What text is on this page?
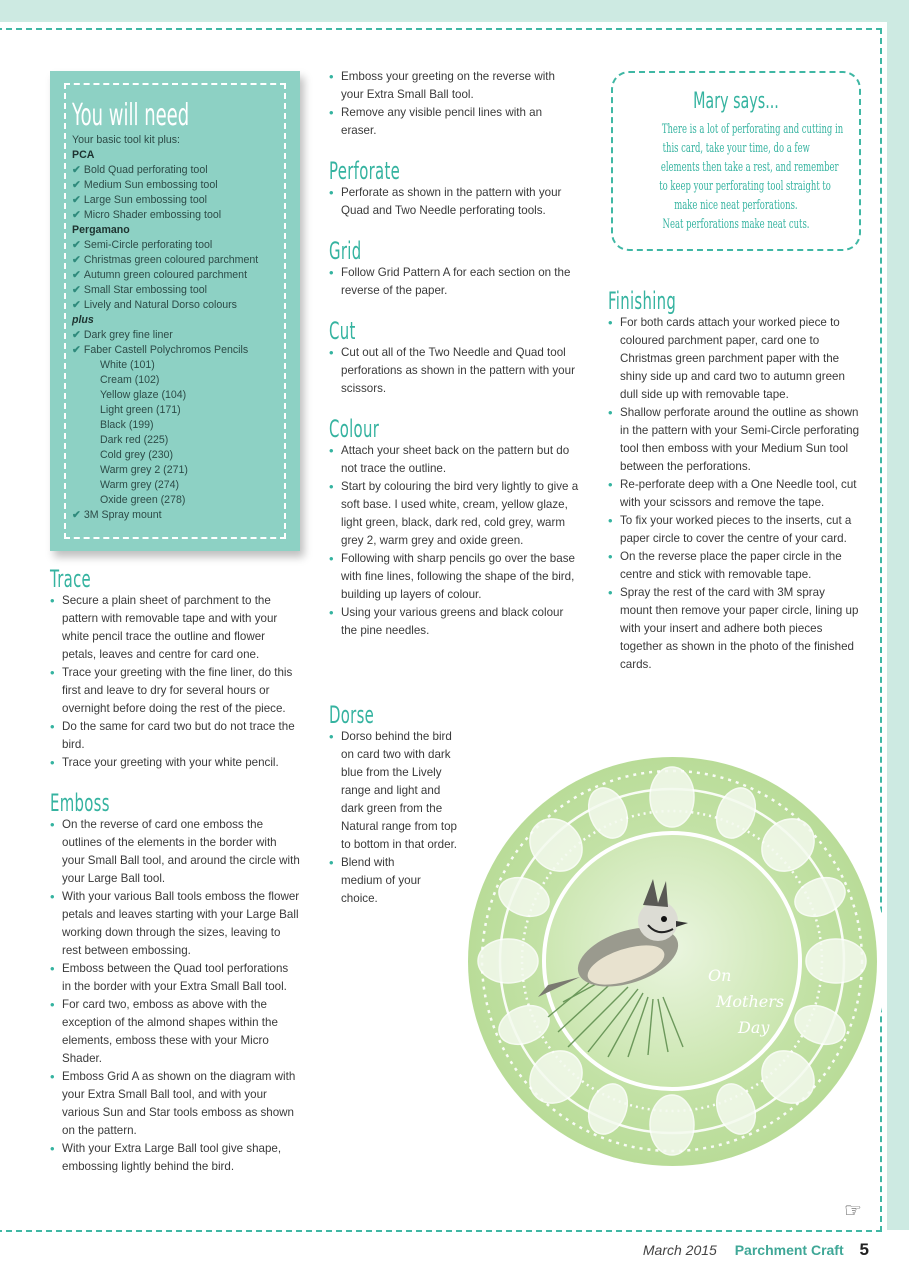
You will need
Your basic tool kit plus:
PCA
✔ Bold Quad perforating tool
✔ Medium Sun embossing tool
✔ Large Sun embossing tool
✔ Micro Shader embossing tool
Pergamano
✔ Semi-Circle perforating tool
✔ Christmas green coloured parchment
✔ Autumn green coloured parchment
✔ Small Star embossing tool
✔ Lively and Natural Dorso colours
plus
✔ Dark grey fine liner
✔ Faber Castell Polychromos Pencils
White (101)
Cream (102)
Yellow glaze (104)
Light green (171)
Black (199)
Dark red (225)
Cold grey (230)
Warm grey 2 (271)
Warm grey (274)
Oxide green (278)
✔ 3M Spray mount
Trace
• Secure a plain sheet of parchment to the pattern with removable tape and with your white pencil trace the outline and flower petals, leaves and centre for card one.
• Trace your greeting with the fine liner, do this first and leave to dry for several hours or overnight before doing the rest of the piece.
• Do the same for card two but do not trace the bird.
• Trace your greeting with your white pencil.
Emboss
• On the reverse of card one emboss the outlines of the elements in the border with your Small Ball tool, and around the circle with your Large Ball tool.
• With your various Ball tools emboss the flower petals and leaves starting with your Large Ball working down through the sizes, leaving to rest between embossing.
• Emboss between the Quad tool perforations in the border with your Extra Small Ball tool.
• For card two, emboss as above with the exception of the almond shapes within the elements, emboss these with your Micro Shader.
• Emboss Grid A as shown on the diagram with your Extra Small Ball tool, and with your various Sun and Star tools emboss as shown on the pattern.
• With your Extra Large Ball tool give shape, embossing lightly behind the bird.
• Emboss your greeting on the reverse with your Extra Small Ball tool.
• Remove any visible pencil lines with an eraser.
Perforate
• Perforate as shown in the pattern with your Quad and Two Needle perforating tools.
Grid
• Follow Grid Pattern A for each section on the reverse of the paper.
Cut
• Cut out all of the Two Needle and Quad tool perforations as shown in the pattern with your scissors.
Colour
• Attach your sheet back on the pattern but do not trace the outline.
• Start by colouring the bird very lightly to give a soft base. I used white, cream, yellow glaze, light green, black, dark red, cold grey, warm grey 2, warm grey and oxide green.
• Following with sharp pencils go over the base with fine lines, following the shape of the bird, building up layers of colour.
• Using your various greens and black colour the pine needles.
Dorse
• Dorso behind the bird on card two with dark blue from the Lively range and light and dark green from the Natural range from top to bottom in that order.
• Blend with medium of your choice.
Mary says...
There is a lot of perforating and cutting in
this card, take your time, do a few
elements then take a rest, and remember
to keep your perforating tool straight to
make nice neat perforations.
Neat perforations make neat cuts.
Finishing
• For both cards attach your worked piece to coloured parchment paper, card one to Christmas green parchment paper with the shiny side up and card two to autumn green dull side up with removable tape.
• Shallow perforate around the outline as shown in the pattern with your Semi-Circle perforating tool then emboss with your Medium Sun tool between the perforations.
• Re-perforate deep with a One Needle tool, cut with your scissors and remove the tape.
• To fix your worked pieces to the inserts, cut a paper circle to cover the centre of your card.
• On the reverse place the paper circle in the centre and stick with removable tape.
• Spray the rest of the card with 3M spray mount then remove your paper circle, lining up with your insert and adhere both pieces together as shown in the photo of the finished cards.
On
Mothers
Day
☞
March 2015 Parchment Craft 5
